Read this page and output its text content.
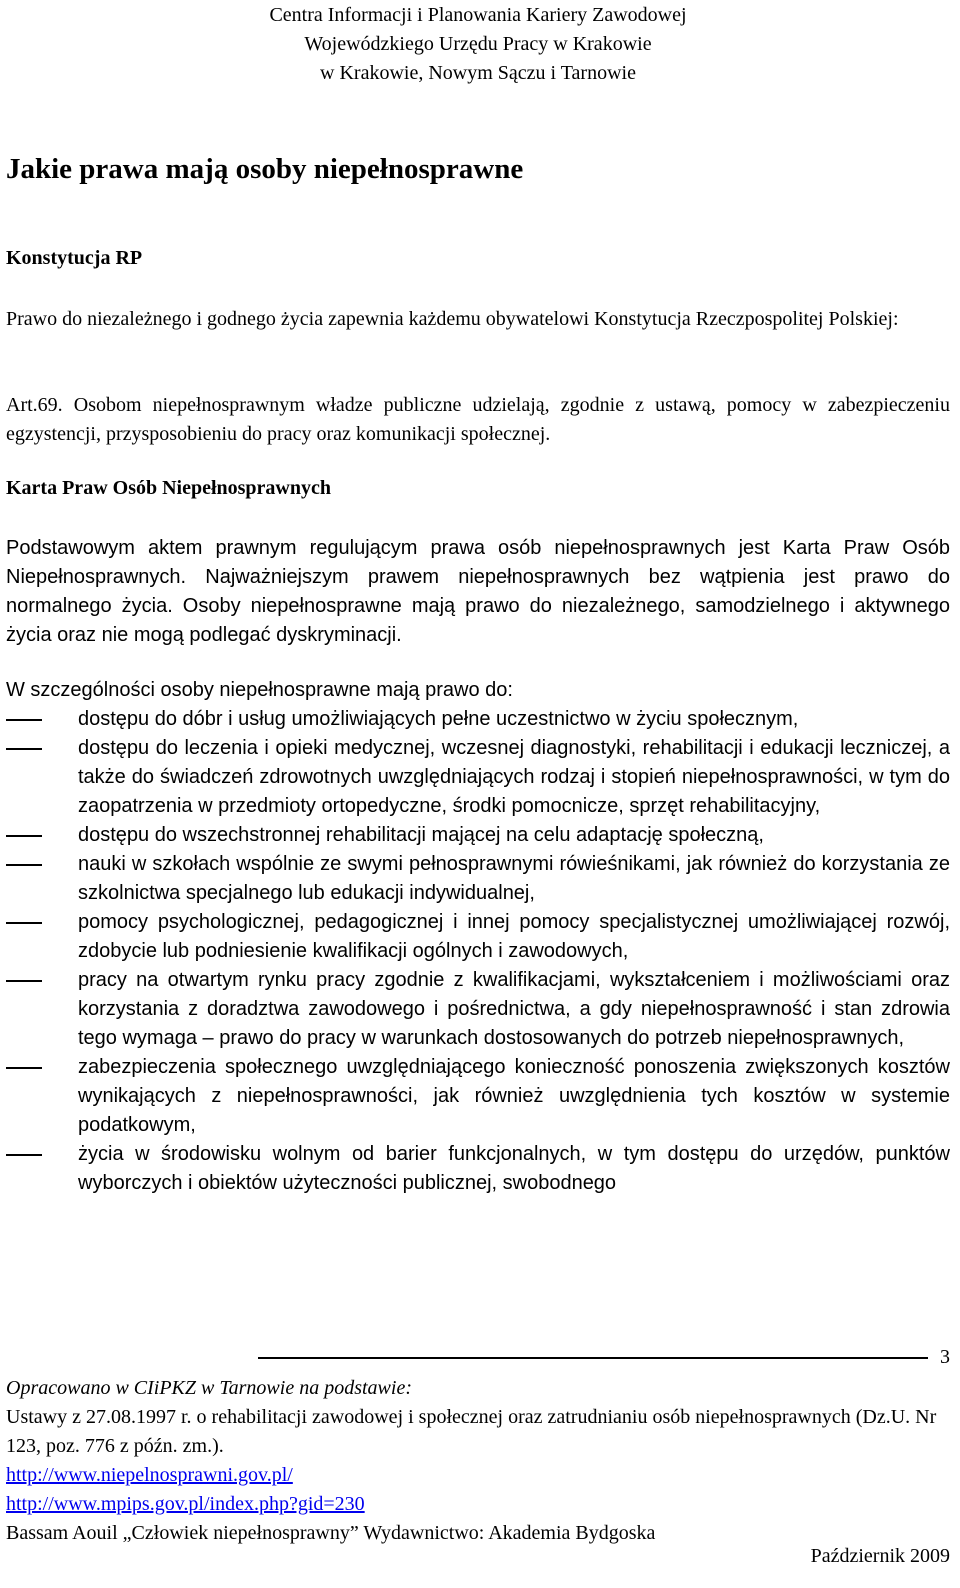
Centra Informacji i Planowania Kariery Zawodowej
Wojewódzkiego Urzędu Pracy w Krakowie
w Krakowie, Nowym Sączu i Tarnowie
Jakie prawa mają osoby niepełnosprawne
Konstytucja RP

Prawo do niezależnego i godnego życia zapewnia każdemu obywatelowi Konstytucja Rzeczpospolitej Polskiej:

Art.69. Osobom niepełnosprawnym władze publiczne udzielają, zgodnie z ustawą, pomocy w zabezpieczeniu egzystencji, przysposobieniu do pracy oraz komunikacji społecznej.

Karta Praw Osób Niepełnosprawnych

Podstawowym aktem prawnym regulującym prawa osób niepełnosprawnych jest Karta Praw Osób Niepełnosprawnych. Najważniejszym prawem niepełnosprawnych bez wątpienia jest prawo do normalnego życia. Osoby niepełnosprawne mają prawo do niezależnego, samodzielnego i aktywnego życia oraz nie mogą podlegać dyskryminacji.

W szczególności osoby niepełnosprawne mają prawo do:

dostępu do dóbr i usług umożliwiających pełne uczestnictwo w życiu społecznym,
dostępu do leczenia i opieki medycznej, wczesnej diagnostyki, rehabilitacji i edukacji leczniczej, a także do świadczeń zdrowotnych uwzględniających rodzaj i stopień niepełnosprawności, w tym do zaopatrzenia w przedmioty ortopedyczne, środki pomocnicze, sprzęt rehabilitacyjny,
dostępu do wszechstronnej rehabilitacji mającej na celu adaptację społeczną,
nauki w szkołach wspólnie ze swymi pełnosprawnymi rówieśnikami, jak również do korzystania ze szkolnictwa specjalnego lub edukacji indywidualnej,
pomocy psychologicznej, pedagogicznej i innej pomocy specjalistycznej umożliwiającej rozwój, zdobycie lub podniesienie kwalifikacji ogólnych i zawodowych,
pracy na otwartym rynku pracy zgodnie z kwalifikacjami, wykształceniem i możliwościami oraz korzystania z doradztwa zawodowego i pośrednictwa, a gdy niepełnosprawność i stan zdrowia tego wymaga – prawo do pracy w warunkach dostosowanych do potrzeb niepełnosprawnych,
zabezpieczenia społecznego uwzględniającego konieczność ponoszenia zwiększonych kosztów wynikających z niepełnosprawności, jak również uwzględnienia tych kosztów w systemie podatkowym,
życia w środowisku wolnym od barier funkcjonalnych, w tym dostępu do urzędów, punktów wyborczych i obiektów użyteczności publicznej, swobodnego
3
Opracowano w CIiPKZ w Tarnowie na podstawie:
Ustawy z 27.08.1997 r. o rehabilitacji zawodowej i społecznej oraz zatrudnianiu osób niepełnosprawnych (Dz.U. Nr 123, poz. 776 z późn. zm.).
http://www.niepelnosprawni.gov.pl/
http://www.mpips.gov.pl/index.php?gid=230
Bassam Aouil „Człowiek niepełnosprawny” Wydawnictwo: Akademia Bydgoska
Październik 2009
